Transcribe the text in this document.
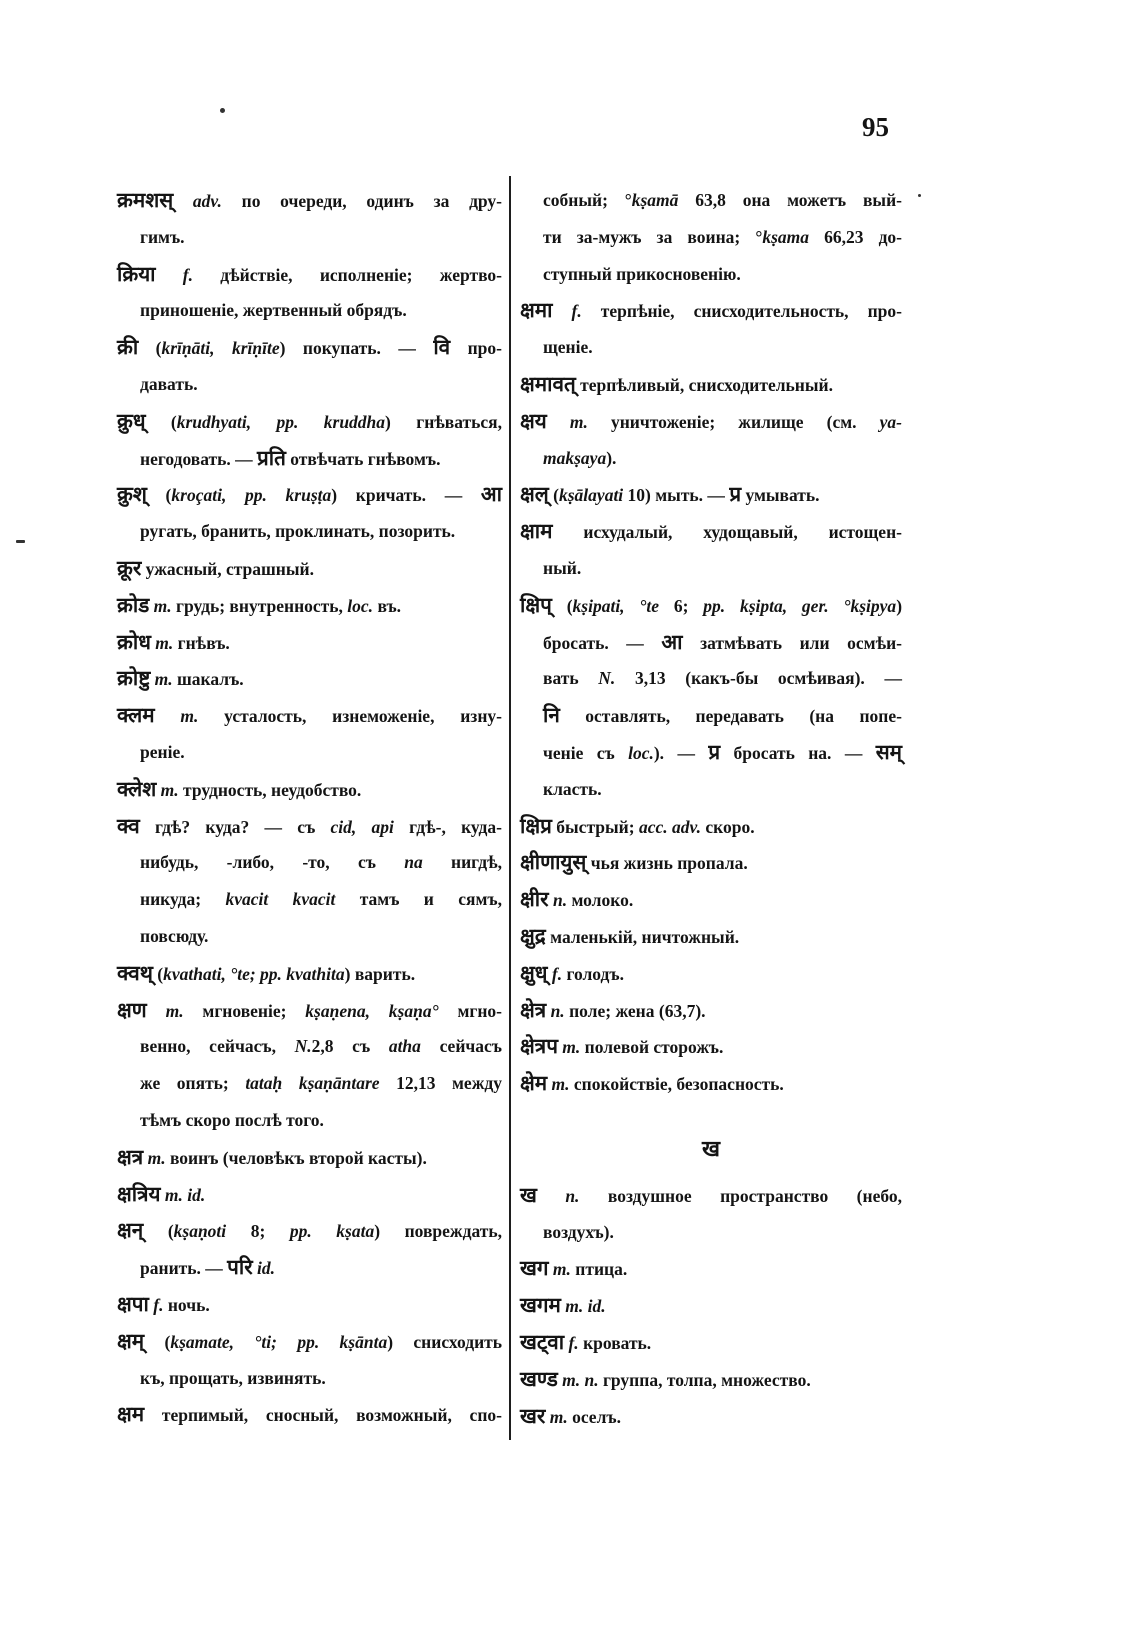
95
क्रमशस् adv. по очереди, одинъ за дру-
гимъ.
क्रिया f. дѣйствіе, исполненіе; жертво-
приношеніе, жертвенный обрядъ.
क्री (krīṇāti, krīṇīte) покупать. — वि про-
давать.
क्रुध् (krudhyati, pp. kruddha) гнѣваться,
негодовать. — प्रति отвѣчать гнѣвомъ.
क्रुश् (kroçati, pp. kruṣṭa) кричать. — आ
ругать, бранить, проклинать, позорить.
क्रूर ужасный, страшный.
क्रोड m. грудь; внутренность, loc. въ.
क्रोध m. гнѣвъ.
क्रोष्टु m. шакалъ.
क्लम m. усталость, изнеможеніе, изну-
реніе.
क्लेश m. трудность, неудобство.
क्व гдѣ? куда? — съ cid, api гдѣ-, куда-
нибудь, -либо, -то, съ na нигдѣ,
никуда; kvacit kvacit тамъ и сямъ,
повсюду.
क्वथ् (kvathati, °te; pp. kvathita) варить.
क्षण m. мгновеніе; kṣaṇena, kṣaṇa° мгно-
венно, сейчасъ, N.2,8 съ atha сейчасъ
же опять; tataḥ kṣaṇāntare 12,13 между
тѣмъ скоро послѣ того.
क्षत्र m. воинъ (человѣкъ второй касты).
क्षत्रिय m. id.
क्षन् (kṣaṇoti 8; pp. kṣata) повреждать,
ранить. — परि id.
क्षपा f. ночь.
क्षम् (kṣamate, °ti; pp. kṣānta) снисходить
къ, прощать, извинять.
क्षम терпимый, сносный, возможный, спо-
собный; °kṣamā 63,8 она можетъ вый-
ти за-мужъ за воина; °kṣama 66,23 до-
ступный прикосновенію.
क्षमा f. терпѣніе, снисходительность, про-
щеніе.
क्षमावत् терпѣливый, снисходительный.
क्षय m. уничтоженіе; жилище (см. ya-
makṣaya).
क्षल् (kṣālayati 10) мыть. — प्र умывать.
क्षाम исхудалый, худощавый, истощен-
ный.
क्षिप् (kṣipati, °te 6; pp. kṣipta, ger. °kṣipya)
бросать. — आ затмѣвать или осмѣи-
вать N. 3,13 (какъ-бы осмѣивая). —
नि оставлять, передавать (на попе-
ченіе съ loc.). — प्र бросать на. — सम्
класть.
क्षिप्र быстрый; acc. adv. скоро.
क्षीणायुस् чья жизнь пропала.
क्षीर n. молоко.
क्षुद्र маленькій, ничтожный.
क्षुध् f. голодъ.
क्षेत्र n. поле; жена (63,7).
क्षेत्रप m. полевой сторожъ.
क्षेम m. спокойствіе, безопасность.
ख
ख n. воздушное пространство (небо,
воздухъ).
खग m. птица.
खगम m. id.
खट्वा f. кровать.
खण्ड m. n. группа, толпа, множество.
खर m. оселъ.
